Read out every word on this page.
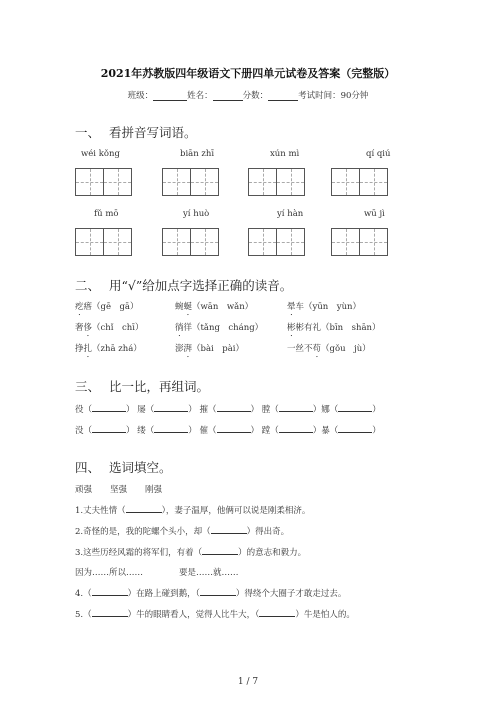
2021年苏教版四年级语文下册四单元试卷及答案（完整版）
班级：	姓名：	分数：	考试时间：90分钟
一、 看拼音写词语。
wéi kǒng	biān zhī	xún mì	qí qiú
fǔ mō	yí huò	yí hàn	wū jì
二、 用“√”给加点字选择正确的读音。
疙瘩（gē　gā）	蜿蜒（wān　wǎn）	晕车（yūn　yùn）
奢侈（chǐ　chī）	徜徉（tǎng　cháng）	彬彬有礼（bīn　shān）
挣扎（zhā zhá）	澎湃（bài　pài）	一丝不苟（gǒu　jù）
三、 比一比，再组词。
役（	） 屡（	） 摧（	） 膛（	）娜（	）
没（	） 缕（	） 催（	） 蹚（	）暴（	）
四、 选词填空。
顽强 坚强 刚强
1.丈夫性情（	），妻子温厚，他俩可以说是刚柔相济。
2.奇怪的是，我的陀螺个头小，却（	）得出奇。
3.这些历经风霜的将军们，有着（	）的意志和毅力。
因为……所以……	要是……就……
4.（	）在路上碰到鹅，（	）得绕个大圈子才敢走过去。
5.（	）牛的眼睛看人，觉得人比牛大，（	）牛是怕人的。
1 / 7
